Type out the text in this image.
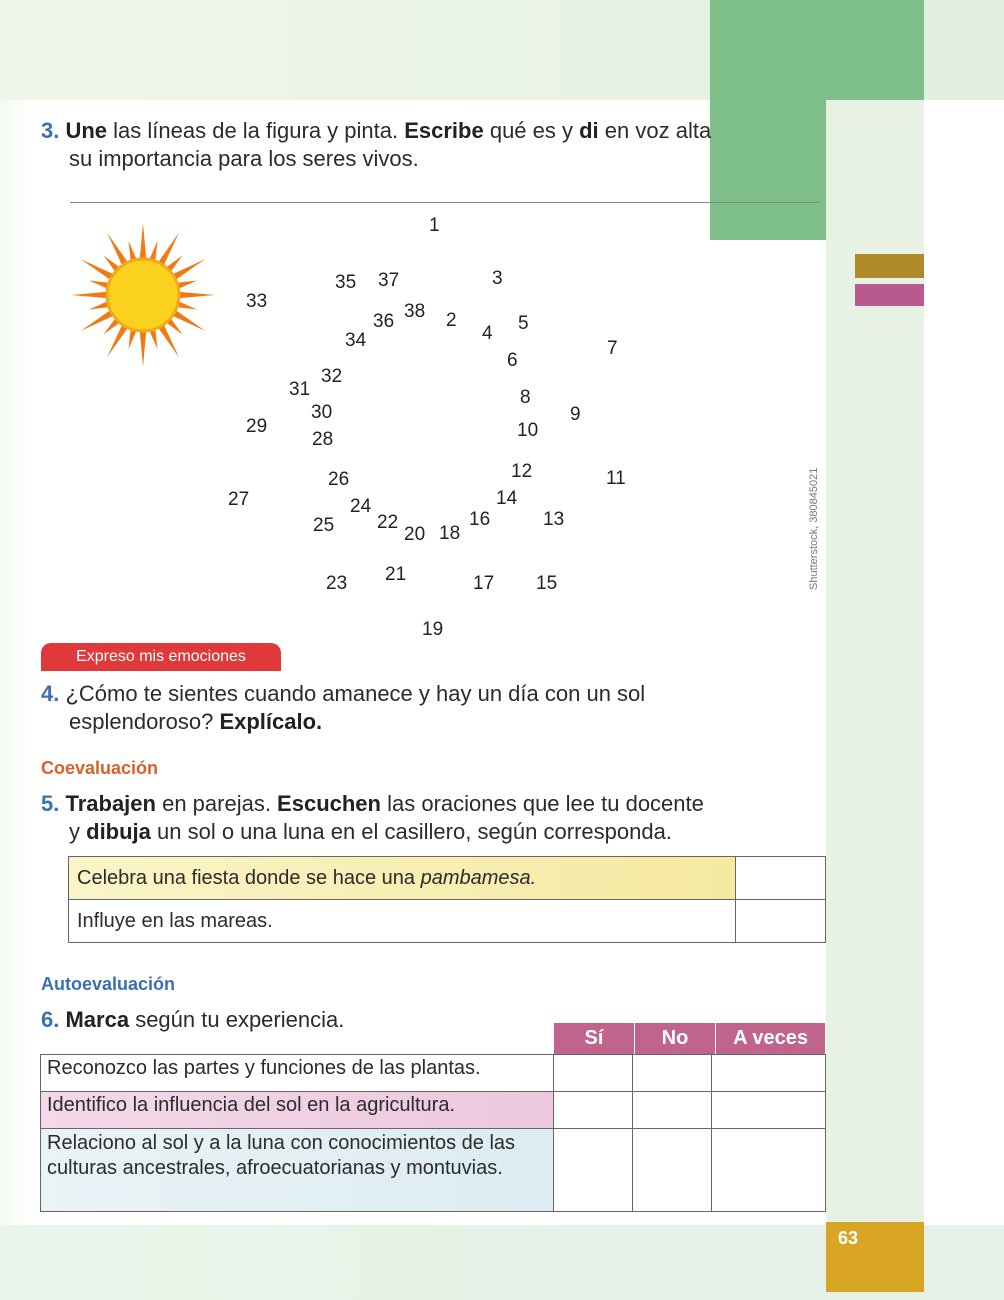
63
3. Une las líneas de la figura y pinta. Escribe qué es y di en voz alta
su importancia para los seres vivos.
1
2
3
4 5
6
7
8
9
10
11
12
13
14
15
16
17
18
19
20
21
22
23
24
25
26
27
28
29
30
31
32
33
34
35
36
37
38
Shutterstock, 380845021
Expreso mis emociones
4. ¿Cómo te sientes cuando amanece y hay un día con un sol
esplendoroso? Explícalo.
Coevaluación
5. Trabajen en parejas. Escuchen las oraciones que lee tu docente
y dibuja un sol o una luna en el casillero, según corresponda.
Celebra una fiesta donde se hace una pambamesa.	
Influye en las mareas.	
Autoevaluación
6. Marca según tu experiencia.
Sí	No	A veces
Reconozco las partes y funciones de las plantas.			
Identifico la influencia del sol en la agricultura.			
Relaciono al sol y a la luna con conocimientos de las culturas ancestrales, afroecuatorianas y montuvias.			
